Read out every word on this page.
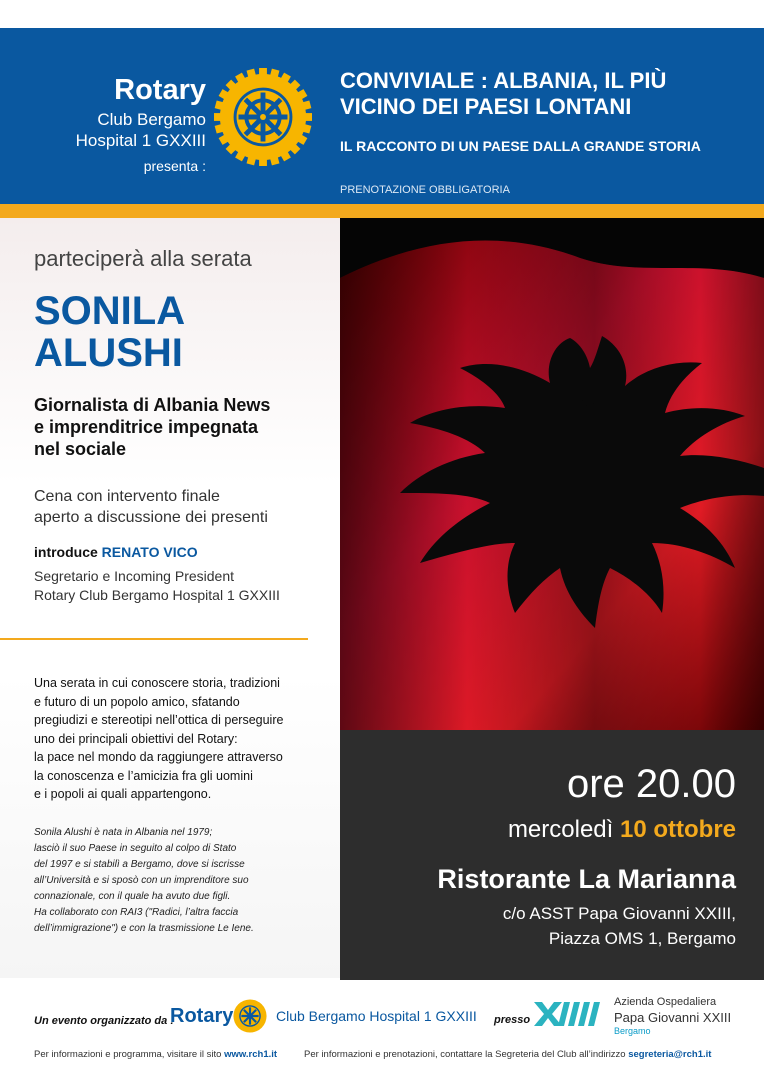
Rotary
Club Bergamo
Hospital 1 GXXIII
presenta :
CONVIVIALE : ALBANIA, IL PIÙ
VICINO DEI PAESI LONTANI
IL RACCONTO DI UN PAESE DALLA GRANDE STORIA
PRENOTAZIONE OBBLIGATORIA
parteciperà alla serata
SONILA
ALUSHI
Giornalista di Albania News
e imprenditrice impegnata
nel sociale
Cena con intervento finale
aperto a discussione dei presenti
introduce RENATO VICO
Segretario e Incoming President
Rotary Club Bergamo Hospital 1 GXXIII
Una serata in cui conoscere storia, tradizioni
e futuro di un popolo amico, sfatando
pregiudizi e stereotipi nell’ottica di perseguire
uno dei principali obiettivi del Rotary:
la pace nel mondo da raggiungere attraverso
la conoscenza e l’amicizia fra gli uomini
e i popoli ai quali appartengono.
Sonila Alushi è nata in Albania nel 1979;
lasciò il suo Paese in seguito al colpo di Stato
del 1997 e si stabilì a Bergamo, dove si iscrisse
all’Università e si sposò con un imprenditore suo
connazionale, con il quale ha avuto due figli.
Ha collaborato con RAI3 ("Radici, l’altra faccia
dell’immigrazione") e con la trasmissione Le Iene.
ore 20.00
mercoledì 10 ottobre
Ristorante La Marianna
c/o ASST Papa Giovanni XXIII,
Piazza OMS 1, Bergamo
Un evento organizzato da :
Rotary	Club Bergamo Hospital 1 GXXIII presso
Azienda Ospedaliera
Papa Giovanni XXIII
Bergamo
Per informazioni e programma, visitare il sito www.rch1.it	Per informazioni e prenotazioni, contattare la Segreteria del Club all’indirizzo segreteria@rch1.it
